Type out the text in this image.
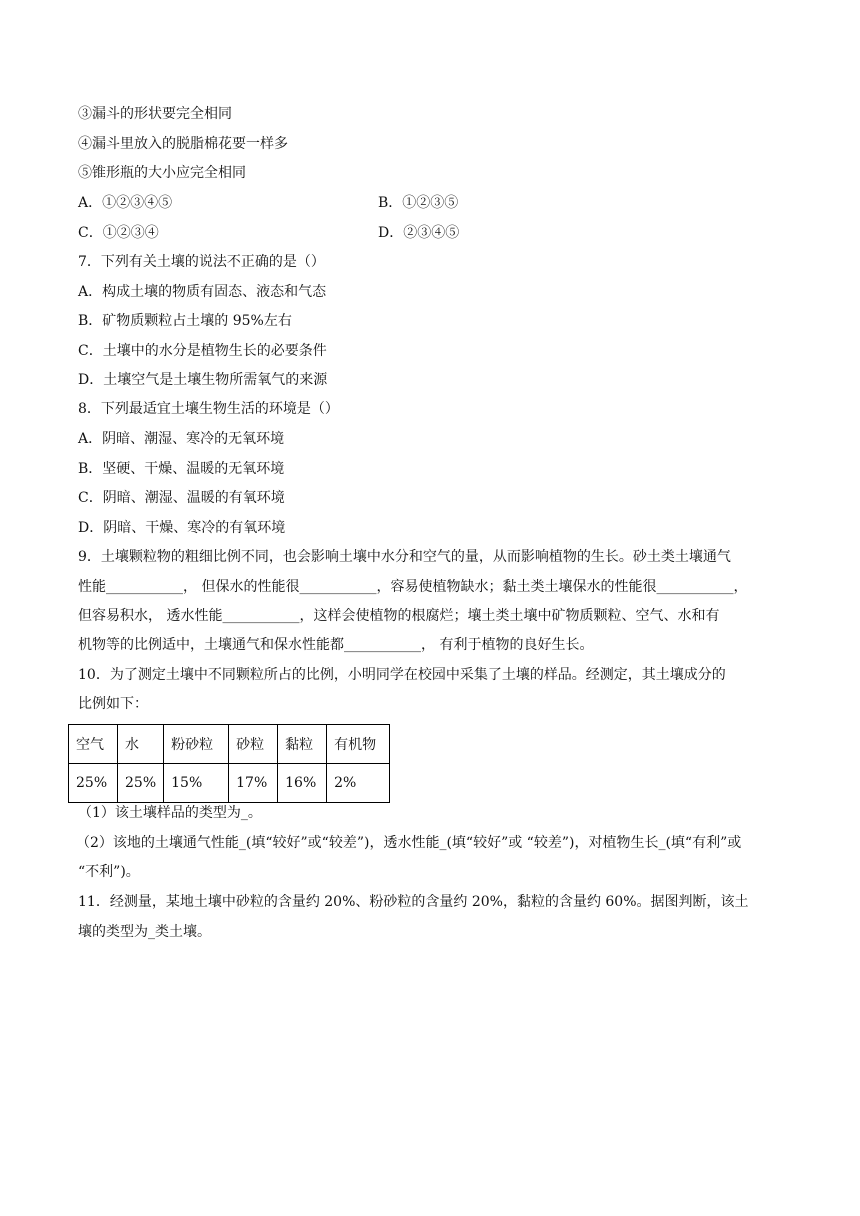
③漏斗的形状要完全相同
④漏斗里放入的脱脂棉花要一样多
⑤锥形瓶的大小应完全相同
A．①②③④⑤	B．①②③⑤
C．①②③④	D．②③④⑤
7．下列有关土壤的说法不正确的是（）
A．构成土壤的物质有固态、液态和气态
B．矿物质颗粒占土壤的 95%左右
C．土壤中的水分是植物生长的必要条件
D．土壤空气是土壤生物所需氧气的来源
8．下列最适宜土壤生物生活的环境是（）
A．阴暗、潮湿、寒冷的无氧环境
B．坚硬、干燥、温暖的无氧环境
C．阴暗、潮湿、温暖的有氧环境
D．阴暗、干燥、寒冷的有氧环境
9．土壤颗粒物的粗细比例不同，也会影响土壤中水分和空气的量，从而影响植物的生长。砂土类土壤通气
性能___________， 但保水的性能很___________，容易使植物缺水；黏土类土壤保水的性能很___________，
但容易积水， 透水性能___________，这样会使植物的根腐烂；壤土类土壤中矿物质颗粒、空气、水和有
机物等的比例适中，土壤通气和保水性能都___________， 有利于植物的良好生长。
10．为了测定土壤中不同颗粒所占的比例，小明同学在校园中采集了土壤的样品。经测定，其土壤成分的
比例如下：
空气	水	粉砂粒	砂粒	黏粒	有机物
25%	25%	15%	17%	16%	2%
（1）该土壤样品的类型为_。
（2）该地的土壤通气性能_(填“较好”或“较差”)，透水性能_(填“较好”或 “较差”)，对植物生长_(填“有利”或
“不利”)。
11．经测量，某地土壤中砂粒的含量约 20%、粉砂粒的含量约 20%，黏粒的含量约 60%。据图判断，该土
壤的类型为_类土壤。
